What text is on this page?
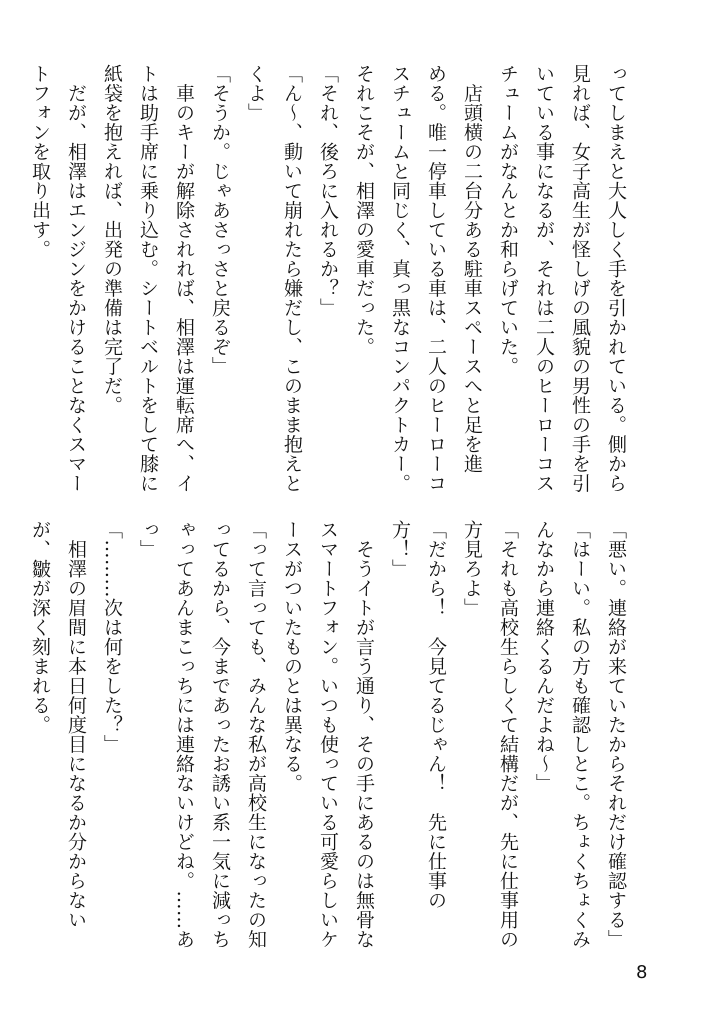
ってしまえと大人しく手を引かれている。側から
見れば、女子高生が怪しげの風貌の男性の手を引
いている事になるが、それは二人のヒーローコス
チュームがなんとか和らげていた。
　店頭横の二台分ある駐車スペースへと足を進
める。唯一停車している車は、二人のヒーローコ
スチュームと同じく、真っ黒なコンパクトカー。
それこそが、相澤の愛車だった。
「それ、後ろに入れるか？」
「ん～、動いて崩れたら嫌だし、このまま抱えと
くよ」
「そうか。じゃあさっさと戻るぞ」
　車のキーが解除されれば、相澤は運転席へ、イ
トは助手席に乗り込む。シートベルトをして膝に
紙袋を抱えれば、出発の準備は完了だ。
　だが、相澤はエンジンをかけることなくスマー
トフォンを取り出す。
「悪い。連絡が来ていたからそれだけ確認する」
「はーい。私の方も確認しとこ。ちょくちょくみ
んなから連絡くるんだよね～」
「それも高校生らしくて結構だが、先に仕事用の
方見ろよ」
「だから！　今見てるじゃん！　先に仕事の
方！」
　そうイトが言う通り、その手にあるのは無骨な
スマートフォン。いつも使っている可愛らしいケ
ースがついたものとは異なる。
「って言っても、みんな私が高校生になったの知
ってるから、今まであったお誘い系一気に減っち
ゃってあんまこっちには連絡ないけどね。……あ
っ」
「………次は何をした？」
　相澤の眉間に本日何度目になるか分からない
が、皺が深く刻まれる。
8
